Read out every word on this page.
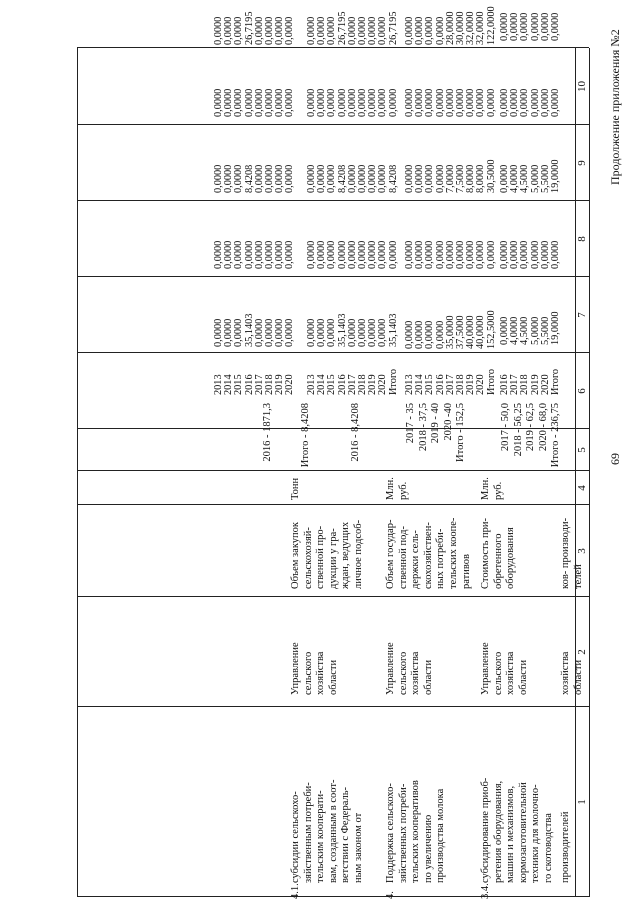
69
Продолжение приложения №2
1
2
3
4
5
6
7
8
9
10
производителей
хозяйства
области
ков- производи-
телей
2017 - 50,0
2018 - 56,25
2019 - 62,5
2020 - 68,0
Итого - 236,75
2016
2017
2018
2019
2020
Итого
0,0000
4,0000
4,5000
5,0000
5,5000
19,0000
0,0000
0,0000
0,0000
0,0000
0,0000
0,0000
0,0000
4,0000
4,5000
5,0000
5,5000
19,0000
0,0000
0,0000
0,0000
0,0000
0,0000
0,0000
0,0000
0,0000
0,0000
0,0000
0,0000
0,0000
3.4.
субсидирование приоб-
ретения оборудования,
машин и механизмов,
кормозаготовительной
техники для молочно-
го скотоводства
Управление
сельского
хозяйства
области
Стоимость при-
обретенного
оборудования
Млн.
руб.
2017 - 35
2018 - 37,5
2019 - 40
2020 -40
Итого - 152,5
2013
2014
2015
2016
2017
2018
2019
2020
Итого
0,0000
0,0000
0,0000
0,0000
35,0000
37,5000
40,0000
40,0000
152,5000
0,0000
0,0000
0,0000
0,0000
0,0000
0,0000
0,0000
0,0000
0,0000
0,0000
0,0000
0,0000
0,0000
7,0000
7,5000
8,0000
8,0000
30,5000
0,0000
0,0000
0,0000
0,0000
0,0000
0,0000
0,0000
0,0000
0,0000
0,0000
0,0000
0,0000
0,0000
28,0000
30,0000
32,0000
32,0000
122,0000
4.
Поддержка сельскохо-
зяйственных потреби-
тельских кооперативов
по увеличению
производства молока
Управление
сельского
хозяйства
области
Объем государ-
ственной под-
держки сель-
скохозяйствен-
ных потреби-
тельских коопе-
ративов
Млн.
руб.
2016 - 8,4208
Итого - 8,4208
2013
2014
2015
2016
2017
2018
2019
2020
Итого
0,0000
0,0000
0,0000
35,1403
0,0000
0,0000
0,0000
0,0000
35,1403
0,0000
0,0000
0,0000
0,0000
0,0000
0,0000
0,0000
0,0000
0,0000
0,0000
0,0000
0,0000
8,4208
0,0000
0,0000
0,0000
0,0000
8,4208
0,0000
0,0000
0,0000
0,0000
0,0000
0,0000
0,0000
0,0000
0,0000
0,0000
0,0000
0,0000
26,7195
0,0000
0,0000
0,0000
0,0000
26,7195
4.1.
субсидии сельскохо-
зяйственным потреби-
тельским кооперати-
вам, созданным в соот-
ветствии с Федераль-
ным законом от
Управление
сельского
хозяйства
области
Объем закупок
сельскохозяй-
ственной про-
дукции у гра-
ждан, ведущих
личное подсоб-
Тонн
2016 - 1871,3
2013
2014
2015
2016
2017
2018
2019
2020
0,0000
0,0000
0,0000
35,1403
0,0000
0,0000
0,0000
0,0000
0,0000
0,0000
0,0000
0,0000
0,0000
0,0000
0,0000
0,0000
0,0000
0,0000
0,0000
8,4208
0,0000
0,0000
0,0000
0,0000
0,0000
0,0000
0,0000
0,0000
0,0000
0,0000
0,0000
0,0000
0,0000
0,0000
0,0000
26,7195
0,0000
0,0000
0,0000
0,0000
